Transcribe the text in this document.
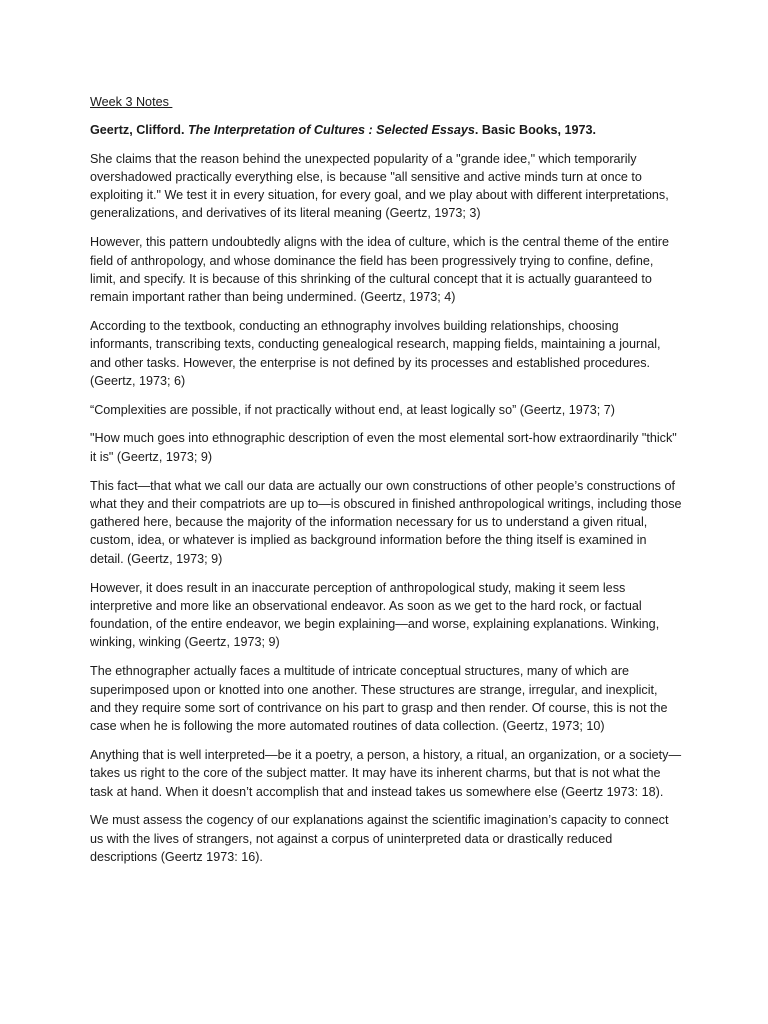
Week 3 Notes

Geertz, Clifford. The Interpretation of Cultures : Selected Essays. Basic Books, 1973.

She claims that the reason behind the unexpected popularity of a "grande idee," which temporarily overshadowed practically everything else, is because "all sensitive and active minds turn at once to exploiting it." We test it in every situation, for every goal, and we play about with different interpretations, generalizations, and derivatives of its literal meaning (Geertz, 1973; 3)

However, this pattern undoubtedly aligns with the idea of culture, which is the central theme of the entire field of anthropology, and whose dominance the field has been progressively trying to confine, define, limit, and specify. It is because of this shrinking of the cultural concept that it is actually guaranteed to remain important rather than being undermined. (Geertz, 1973; 4)

According to the textbook, conducting an ethnography involves building relationships, choosing informants, transcribing texts, conducting genealogical research, mapping fields, maintaining a journal, and other tasks. However, the enterprise is not defined by its processes and established procedures. (Geertz, 1973; 6)

“Complexities are possible, if not practically without end, at least logically so” (Geertz, 1973; 7)

"How much goes into ethnographic description of even the most elemental sort-how extraordinarily "thick" it is" (Geertz, 1973; 9)

This fact—that what we call our data are actually our own constructions of other people’s constructions of what they and their compatriots are up to—is obscured in finished anthropological writings, including those gathered here, because the majority of the information necessary for us to understand a given ritual, custom, idea, or whatever is implied as background information before the thing itself is examined in detail. (Geertz, 1973; 9)

However, it does result in an inaccurate perception of anthropological study, making it seem less interpretive and more like an observational endeavor. As soon as we get to the hard rock, or factual foundation, of the entire endeavor, we begin explaining—and worse, explaining explanations. Winking, winking, winking (Geertz, 1973; 9)

The ethnographer actually faces a multitude of intricate conceptual structures, many of which are superimposed upon or knotted into one another. These structures are strange, irregular, and inexplicit, and they require some sort of contrivance on his part to grasp and then render. Of course, this is not the case when he is following the more automated routines of data collection. (Geertz, 1973; 10)

Anything that is well interpreted—be it a poetry, a person, a history, a ritual, an organization, or a society—takes us right to the core of the subject matter. It may have its inherent charms, but that is not what the task at hand. When it doesn’t accomplish that and instead takes us somewhere else (Geertz 1973: 18).

We must assess the cogency of our explanations against the scientific imagination’s capacity to connect us with the lives of strangers, not against a corpus of uninterpreted data or drastically reduced descriptions (Geertz 1973: 16).
